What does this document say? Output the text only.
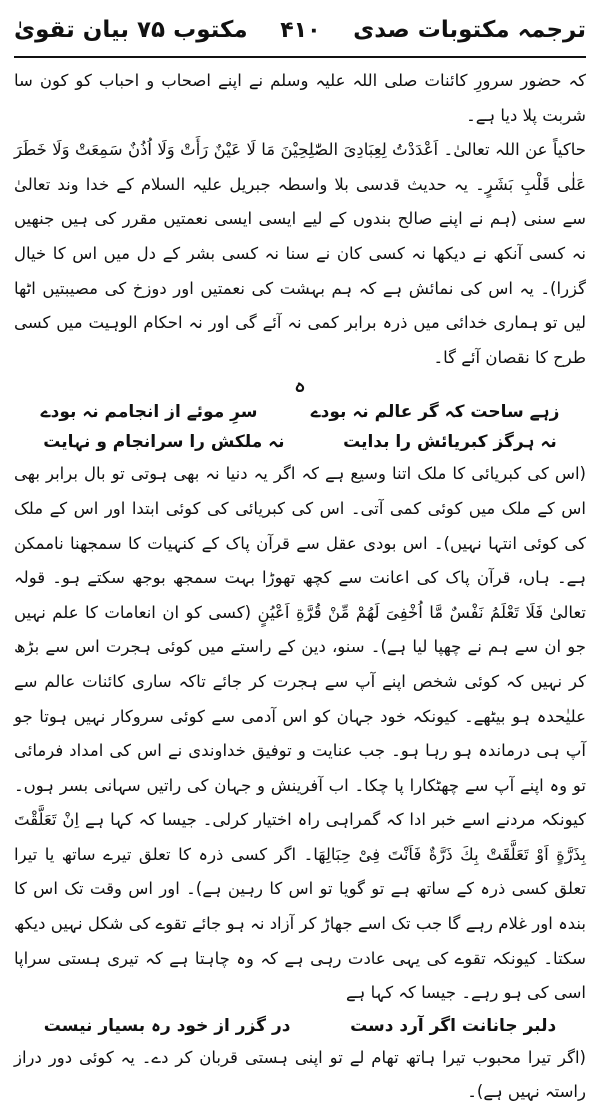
ترجمہ مکتوبات صدی
۴۱۰
مکتوب ۷۵ بیان تقویٰ

کہ حضور سرورِ کائنات صلی اللہ علیہ وسلم نے اپنے اصحاب و احباب کو کون سا شربت پلا دیا ہے۔

حاکیاً عن اللہ تعالیٰ۔ اَعْدَدْتُ لِعِبَادِیَ الصّٰلِحِیْنَ مَا لَا عَیْنٌ رَأَتْ وَلَا اُذُنٌ سَمِعَتْ وَلَا خَطَرَ عَلٰی قَلْبِ بَشَرٍ۔ یہ حدیث قدسی بلا واسطہ جبریل علیہ السلام کے خدا وند تعالیٰ سے سنی (ہم نے اپنے صالح بندوں کے لیے ایسی ایسی نعمتیں مقرر کی ہیں جنھیں نہ کسی آنکھ نے دیکھا نہ کسی کان نے سنا نہ کسی بشر کے دل میں اس کا خیال گزرا)۔ یہ اس کی نمائش ہے کہ ہم بہشت کی نعمتیں اور دوزخ کی مصیبتیں اٹھا لیں تو ہماری خدائی میں ذرہ برابر کمی نہ آئے گی اور نہ احکام الوہیت میں کسی طرح کا نقصان آئے گا۔

ہ
زہے ساحت کہ گر عالم نہ بودے
سرِ موئے از انجامم نہ بودے
نہ ہرگز کبریائش را بدایت
نہ ملکش را سرانجام و نہایت

(اس کی کبریائی کا ملک اتنا وسیع ہے کہ اگر یہ دنیا نہ بھی ہوتی تو بال برابر بھی اس کے ملک میں کوئی کمی آتی۔ اس کی کبریائی کی کوئی ابتدا اور اس کے ملک کی کوئی انتہا نہیں)۔ اس بودی عقل سے قرآن پاک کے کنہیات کا سمجھنا ناممکن ہے۔ ہاں، قرآن پاک کی اعانت سے کچھ تھوڑا بہت سمجھ بوجھ سکتے ہو۔ قولہ تعالیٰ فَلَا تَعْلَمُ نَفْسٌ مَّا اُخْفِیَ لَهُمْ مِّنْ قُرَّةِ اَعْیُنٍ (کسی کو ان انعامات کا علم نہیں جو ان سے ہم نے چھپا لیا ہے)۔ سنو، دین کے راستے میں کوئی ہجرت اس سے بڑھ کر نہیں کہ کوئی شخص اپنے آپ سے ہجرت کر جائے تاکہ ساری کائنات عالم سے علیٰحدہ ہو بیٹھے۔ کیونکہ خود جہان کو اس آدمی سے کوئی سروکار نہیں ہوتا جو آپ ہی درماندہ ہو رہا ہو۔ جب عنایت و توفیق خداوندی نے اس کی امداد فرمائی تو وہ اپنے آپ سے چھٹکارا پا چکا۔ اب آفرینش و جہان کی راتیں سہانی بسر ہوں۔ کیونکہ مردنے اسے خبر ادا کہ گمراہی راہ اختیار کرلی۔ جیسا کہ کہا ہے اِنْ تَعَلَّقْتَ بِذَرَّةٍ اَوْ تَعَلَّقَتْ بِكَ ذَرَّةٌ فَاَنْتَ فِیْ حِبَالِهَا۔ اگر کسی ذرہ کا تعلق تیرے ساتھ یا تیرا تعلق کسی ذرہ کے ساتھ ہے تو گویا تو اس کا رہین ہے)۔ اور اس وقت تک اس کا بندہ اور غلام رہے گا جب تک اسے جھاڑ کر آزاد نہ ہو جائے تقوے کی شکل نہیں دیکھ سکتا۔ کیونکہ تقوے کی یہی عادت رہی ہے کہ وہ چاہتا ہے کہ تیری ہستی سراپا اسی کی ہو رہے۔ جیسا کہ کہا ہے

دلبر جانانت اگر آرد دست
در گزر از خود رہ بسیار نیست

(اگر تیرا محبوب تیرا ہاتھ تھام لے تو اپنی ہستی قربان کر دے۔ یہ کوئی دور دراز راستہ نہیں ہے)۔
